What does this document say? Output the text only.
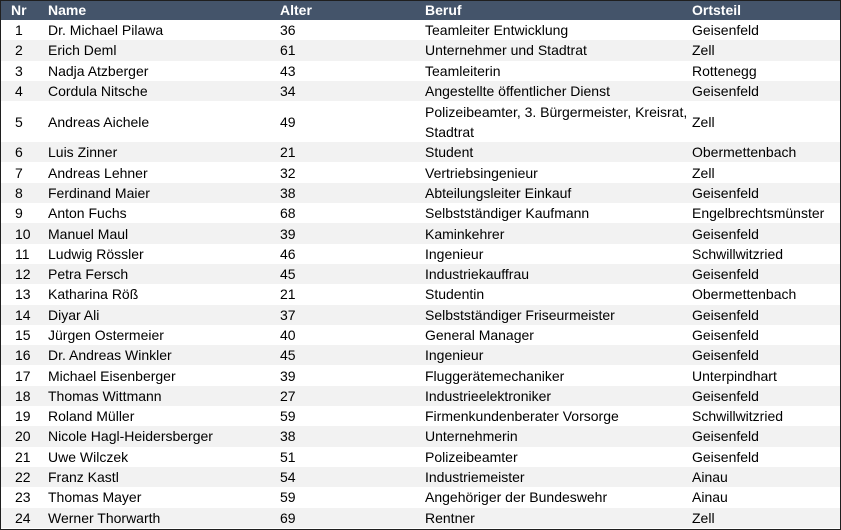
Nr	Name	Alter	Beruf	Ortsteil
1	Dr. Michael Pilawa	36	Teamleiter Entwicklung	Geisenfeld
2	Erich Deml	61	Unternehmer und Stadtrat	Zell
3	Nadja Atzberger	43	Teamleiterin	Rottenegg
4	Cordula Nitsche	34	Angestellte öffentlicher Dienst	Geisenfeld
5	Andreas Aichele	49	Polizeibeamter, 3. Bürgermeister, Kreisrat, Stadtrat	Zell
6	Luis Zinner	21	Student	Obermettenbach
7	Andreas Lehner	32	Vertriebsingenieur	Zell
8	Ferdinand Maier	38	Abteilungsleiter Einkauf	Geisenfeld
9	Anton Fuchs	68	Selbstständiger Kaufmann	Engelbrechtsmünster
10	Manuel Maul	39	Kaminkehrer	Geisenfeld
11	Ludwig Rössler	46	Ingenieur	Schwillwitzried
12	Petra Fersch	45	Industriekauffrau	Geisenfeld
13	Katharina Röß	21	Studentin	Obermettenbach
14	Diyar Ali	37	Selbstständiger Friseurmeister	Geisenfeld
15	Jürgen Ostermeier	40	General Manager	Geisenfeld
16	Dr. Andreas Winkler	45	Ingenieur	Geisenfeld
17	Michael Eisenberger	39	Fluggerätemechaniker	Unterpindhart
18	Thomas Wittmann	27	Industrieelektroniker	Geisenfeld
19	Roland Müller	59	Firmenkundenberater Vorsorge	Schwillwitzried
20	Nicole Hagl-Heidersberger	38	Unternehmerin	Geisenfeld
21	Uwe Wilczek	51	Polizeibeamter	Geisenfeld
22	Franz Kastl	54	Industriemeister	Ainau
23	Thomas Mayer	59	Angehöriger der Bundeswehr	Ainau
24	Werner Thorwarth	69	Rentner	Zell
